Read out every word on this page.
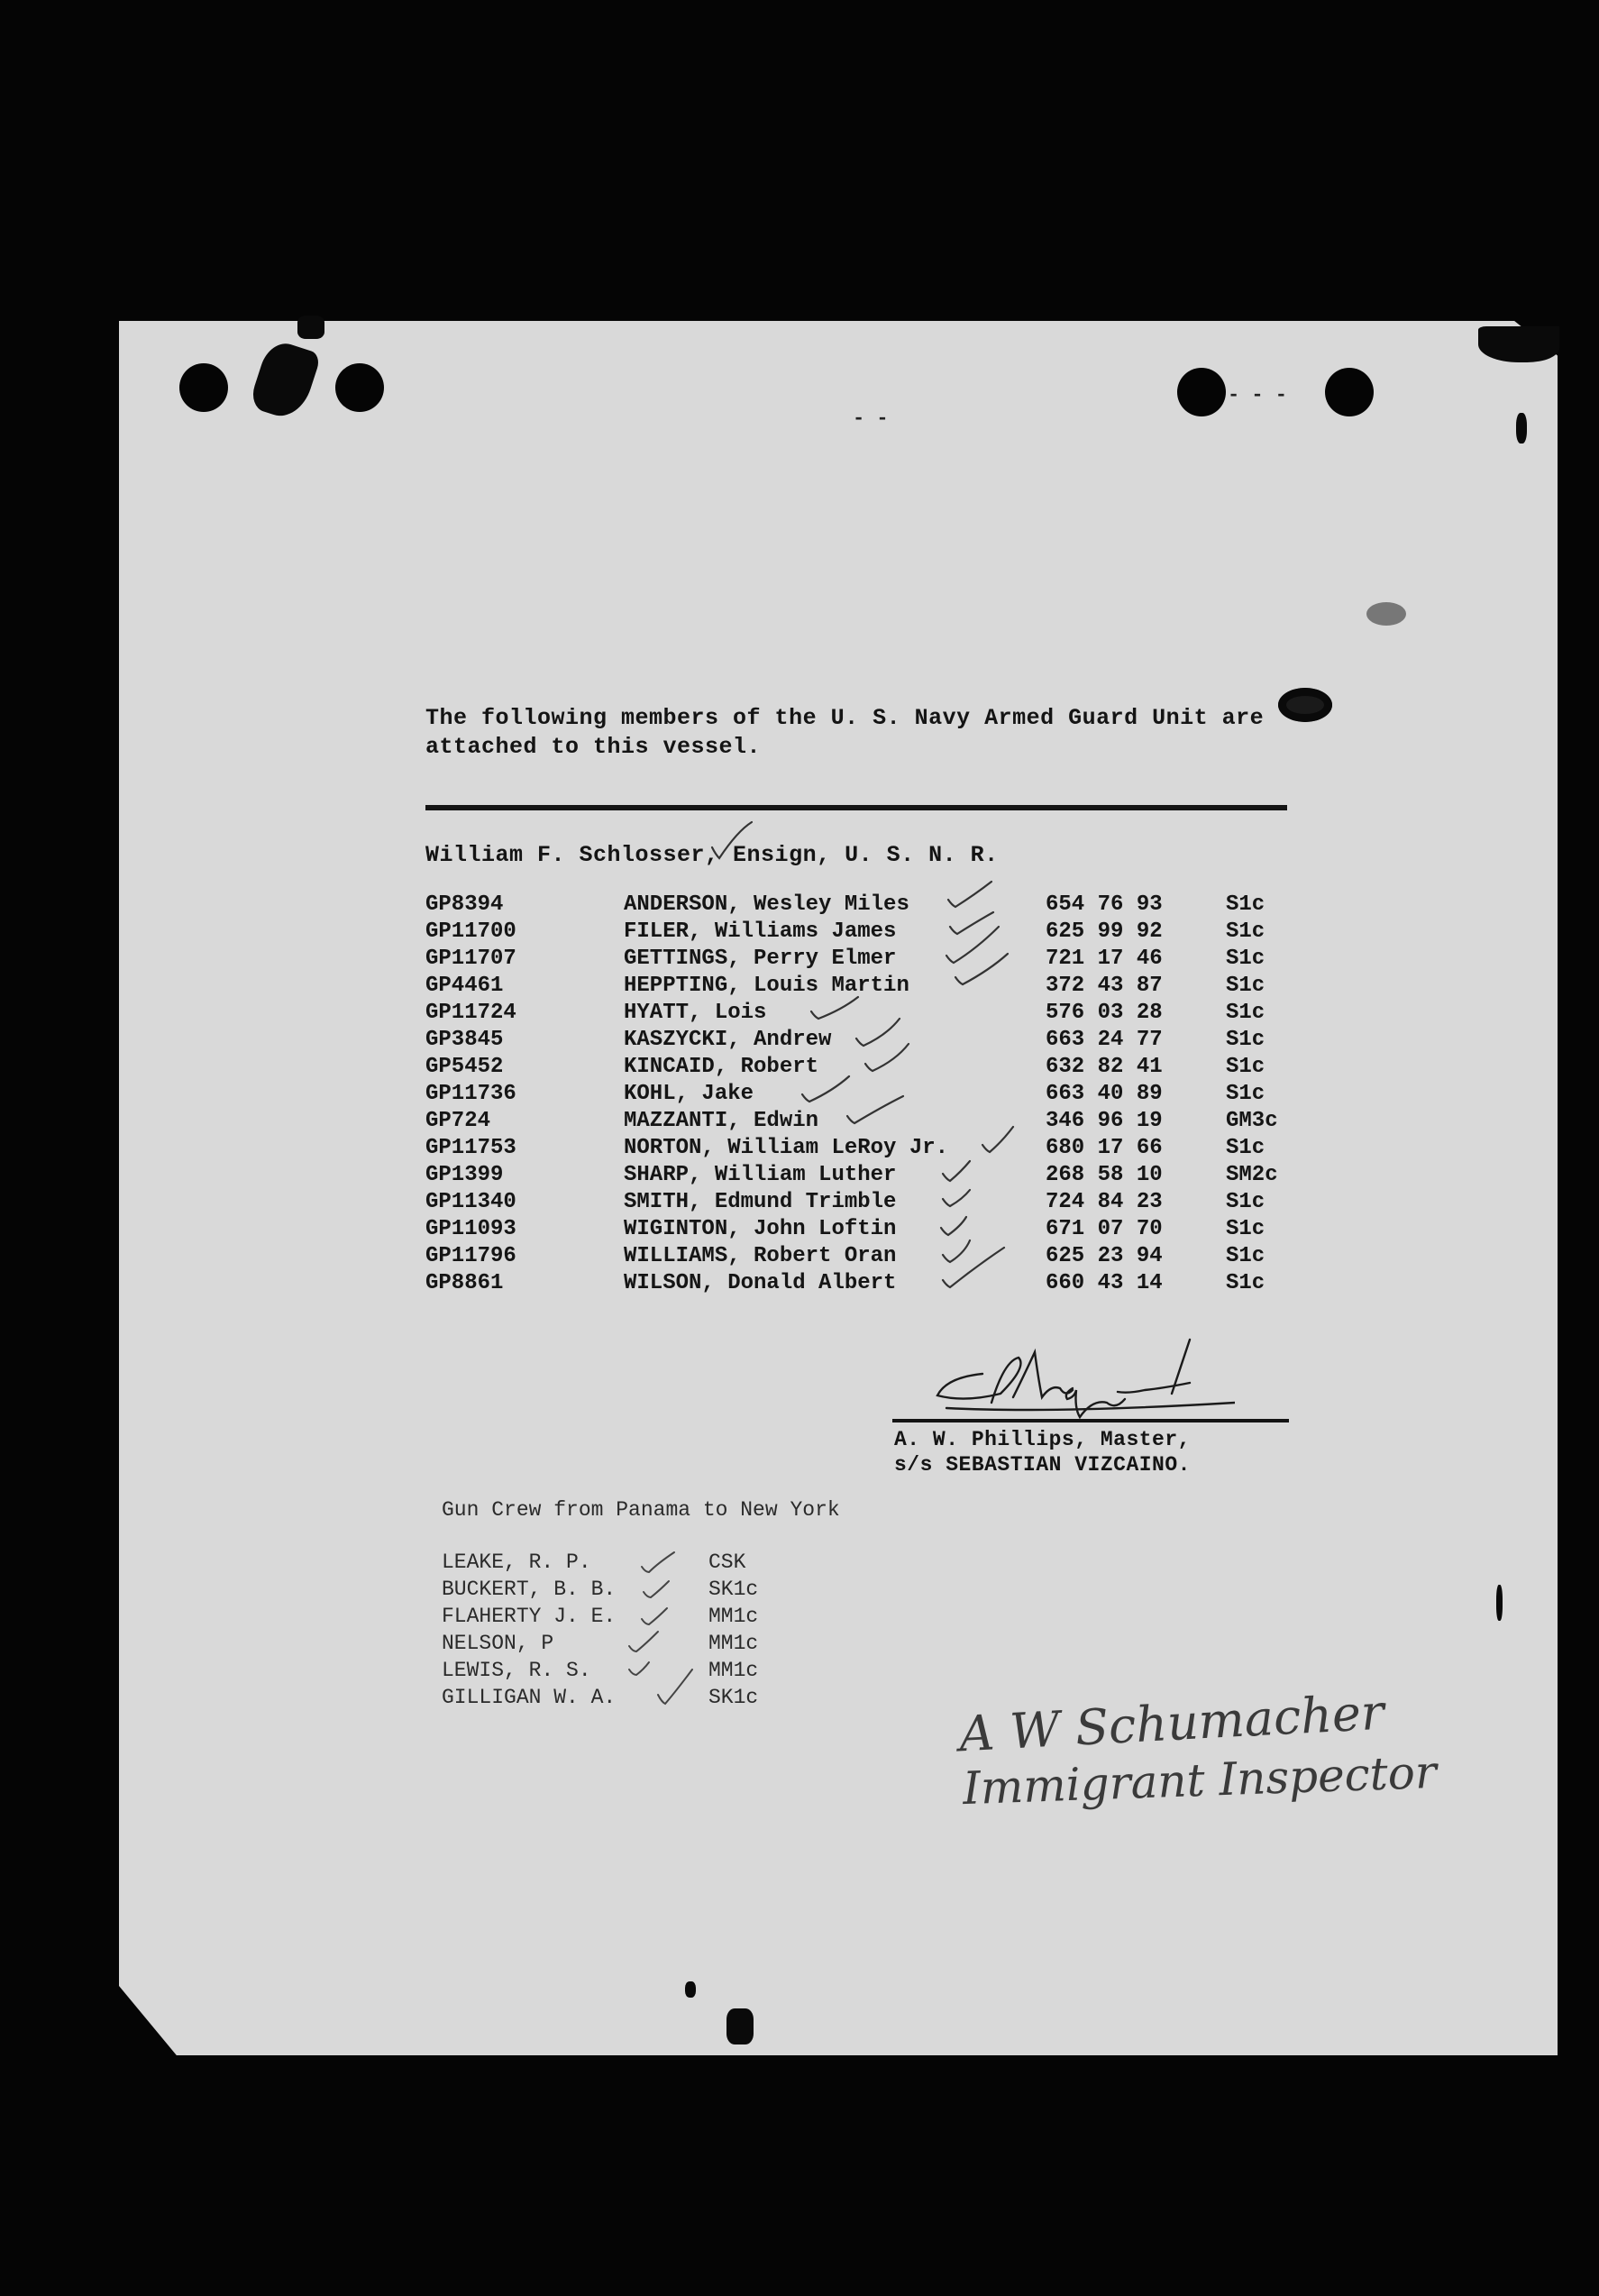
- -
- - -
The following members of the U. S. Navy Armed Guard Unit are
attached to this vessel.
William F. Schlosser, Ensign, U. S. N. R.
GP8394	ANDERSON, Wesley Miles	654 76 93	S1c
GP11700	FILER, Williams James	625 99 92	S1c
GP11707	GETTINGS, Perry Elmer	721 17 46	S1c
GP4461	HEPPTING, Louis Martin	372 43 87	S1c
GP11724	HYATT, Lois	576 03 28	S1c
GP3845	KASZYCKI, Andrew	663 24 77	S1c
GP5452	KINCAID, Robert	632 82 41	S1c
GP11736	KOHL, Jake	663 40 89	S1c
GP724	MAZZANTI, Edwin	346 96 19	GM3c
GP11753	NORTON, William LeRoy Jr.	680 17 66	S1c
GP1399	SHARP, William Luther	268 58 10	SM2c
GP11340	SMITH, Edmund Trimble	724 84 23	S1c
GP11093	WIGINTON, John Loftin	671 07 70	S1c
GP11796	WILLIAMS, Robert Oran	625 23 94	S1c
GP8861	WILSON, Donald Albert	660 43 14	S1c
A. W. Phillips, Master,
s/s SEBASTIAN VIZCAINO.
Gun Crew from Panama to New York
LEAKE, R. P.	CSK
BUCKERT, B. B.	SK1c
FLAHERTY J. E.	MM1c
NELSON, P	MM1c
LEWIS, R. S.	MM1c
GILLIGAN W. A.	SK1c	A W Schumacher
Immigrant Inspector
